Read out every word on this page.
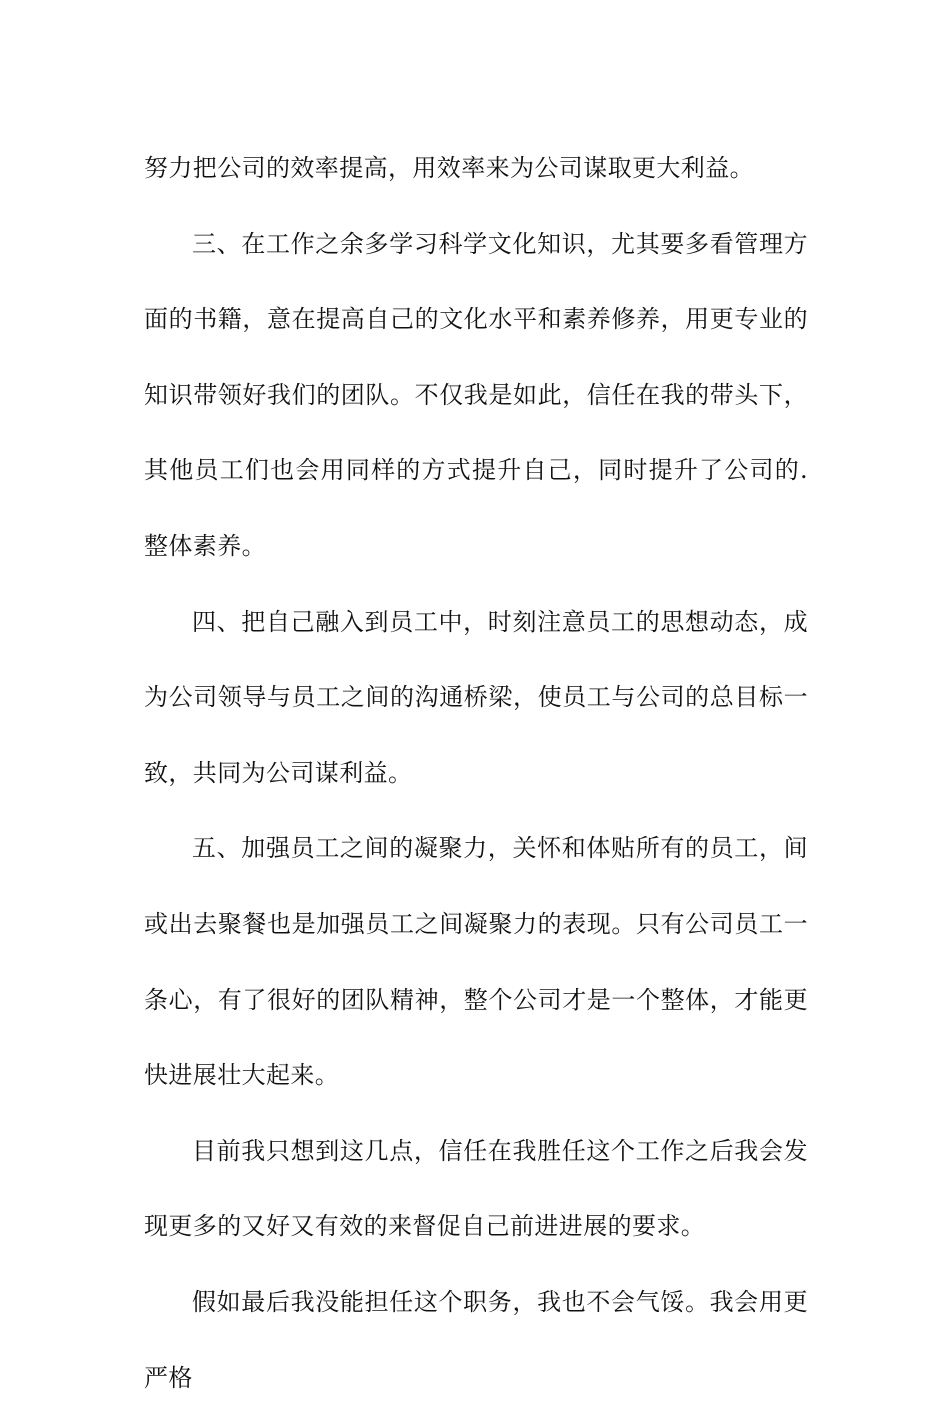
努力把公司的效率提高，用效率来为公司谋取更大利益。

三、在工作之余多学习科学文化知识，尤其要多看管理方面的书籍，意在提高自己的文化水平和素养修养，用更专业的知识带领好我们的团队。不仅我是如此，信任在我的带头下，其他员工们也会用同样的方式提升自己，同时提升了公司的. 整体素养。

四、把自己融入到员工中，时刻注意员工的思想动态，成为公司领导与员工之间的沟通桥梁，使员工与公司的总目标一致，共同为公司谋利益。

五、加强员工之间的凝聚力，关怀和体贴所有的员工，间或出去聚餐也是加强员工之间凝聚力的表现。只有公司员工一条心，有了很好的团队精神，整个公司才是一个整体，才能更快进展壮大起来。

目前我只想到这几点，信任在我胜任这个工作之后我会发现更多的又好又有效的来督促自己前进进展的要求。

假如最后我没能担任这个职务，我也不会气馁。我会用更严格
